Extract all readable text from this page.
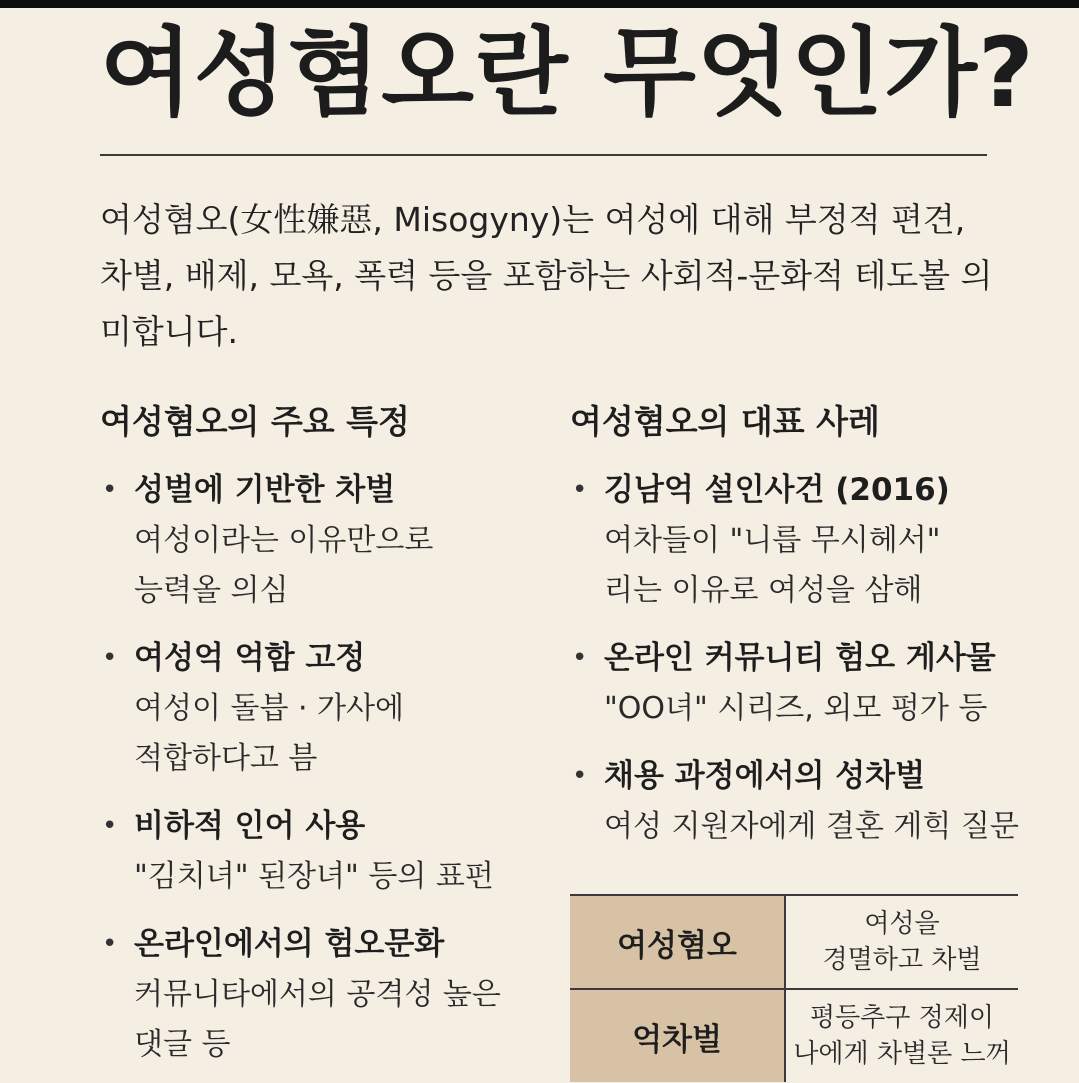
여성혐오란 무엇인가?

여성혐오(女性嫌惡, Misogyny)는 여성에 대해 부정적 편견, 차별, 배제, 모욕, 폭력 등을 포함하는 사회적-문화적 테도볼 의미합니다.

여성혐오의 주요 특정
• 성벌에 기반한 차벌
여성이라는 이유만으로
능력올 의심
• 여성억 억함 고정
여성이 돌븝 · 가사에
적합하다고 븜
• 비하적 인어 사용
"김치녀" 된장녀" 등의 표펀
• 온라인에서의 험오문화
커뮤니타에서의 공격성 높은
댓글 등
여성혐오의 대표 사레
• 깅남억 설인사건 (2016)
여차들이 "니릅 무시헤서"
리는 이유로 여성을 삼해
• 온라인 커뮤니티 험오 게사물
"OO녀" 시리즈, 외모 펑가 등
• 채용 과정에서의 성차벌
여성 지원자에게 결혼 게힉 질문
여성혐오	여성을
경멸하고 차벌

억차벌	평등추구 정제이
나에게 차별론 느꺼
